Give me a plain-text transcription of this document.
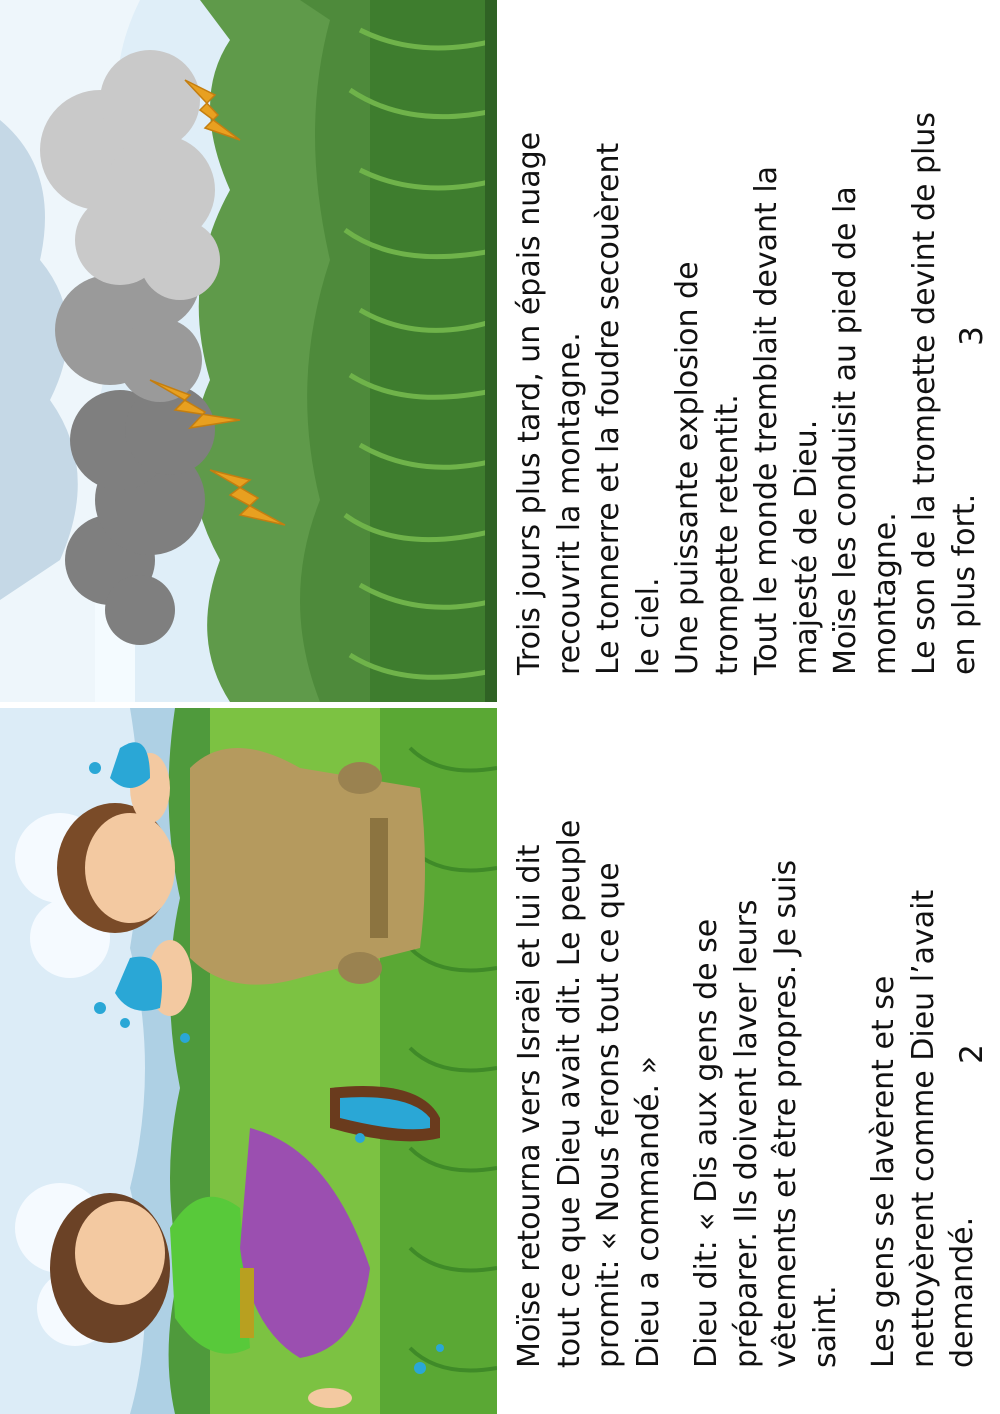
Trois jours plus tard, un épais nuage
recouvrit la montagne.
Le tonnerre et la foudre secouèrent
le ciel.
Une puissante explosion de
trompette retentit.
Tout le monde tremblait devant la
majesté de Dieu.
Moïse les conduisit au pied de la
montagne.
Le son de la trompette devint de plus
en plus fort.

3

Moïse retourna vers Israël et lui dit
tout ce que Dieu avait dit. Le peuple
promit: « Nous ferons tout ce que
Dieu a commandé. »

Dieu dit: « Dis aux gens de se
préparer. Ils doivent laver leurs
vêtements et être propres. Je suis
saint. Les gens se lavèrent et se
nettoyèrent comme Dieu l’avait
demandé.

2
